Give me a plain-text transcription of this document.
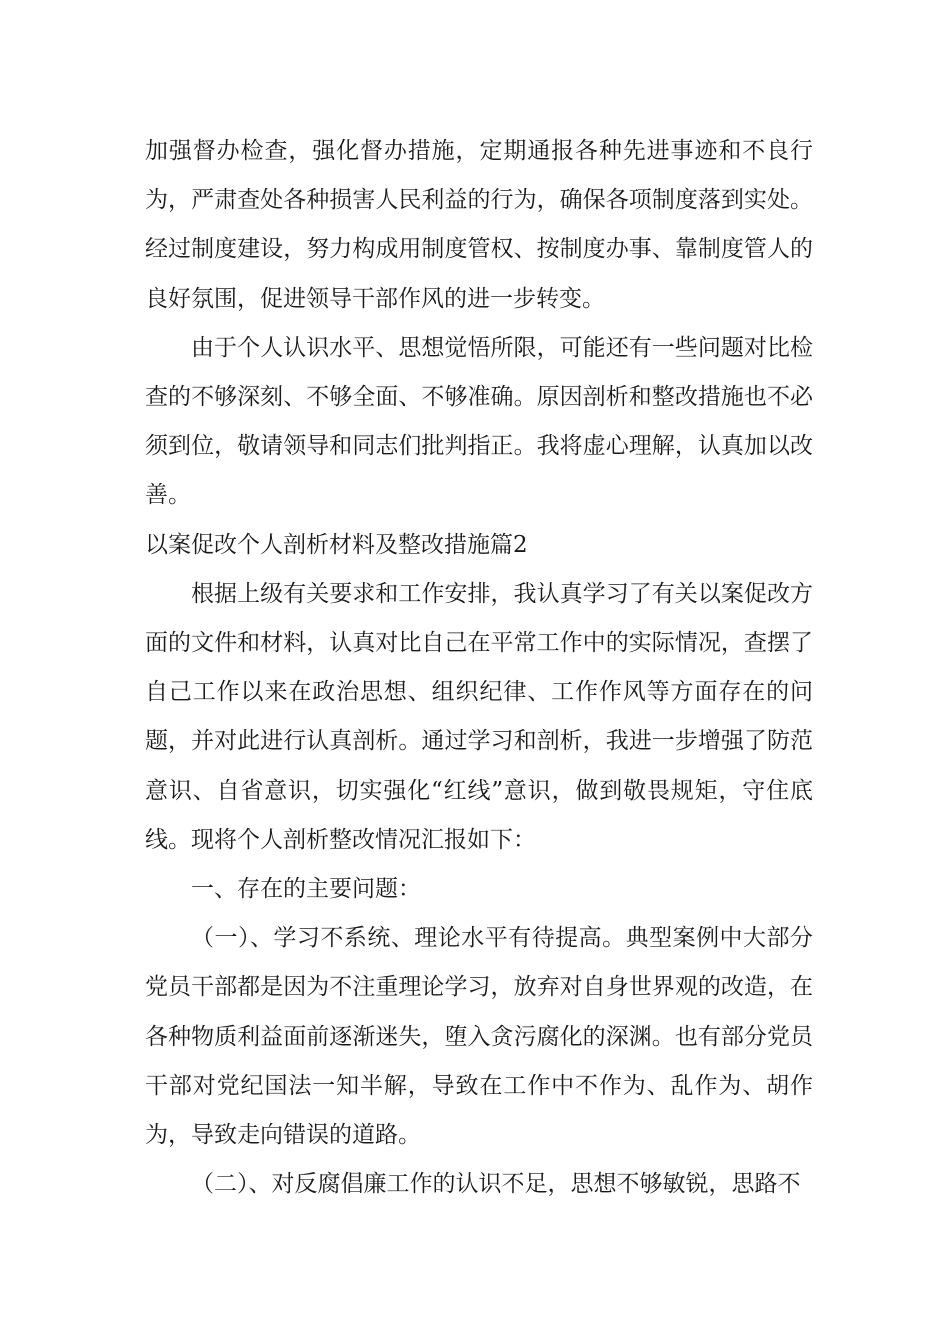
加强督办检查，强化督办措施，定期通报各种先进事迹和不良行为，严肃查处各种损害人民利益的行为，确保各项制度落到实处。经过制度建设，努力构成用制度管权、按制度办事、靠制度管人的良好氛围，促进领导干部作风的进一步转变。

由于个人认识水平、思想觉悟所限，可能还有一些问题对比检查的不够深刻、不够全面、不够准确。原因剖析和整改措施也不必须到位，敬请领导和同志们批判指正。我将虚心理解，认真加以改善。

以案促改个人剖析材料及整改措施篇2

根据上级有关要求和工作安排，我认真学习了有关以案促改方面的文件和材料，认真对比自己在平常工作中的实际情况，查摆了自己工作以来在政治思想、组织纪律、工作作风等方面存在的问题，并对此进行认真剖析。通过学习和剖析，我进一步增强了防范意识、自省意识，切实强化“红线”意识，做到敬畏规矩，守住底线。现将个人剖析整改情况汇报如下：

一、存在的主要问题：

（一）、学习不系统、理论水平有待提高。典型案例中大部分党员干部都是因为不注重理论学习，放弃对自身世界观的改造，在各种物质利益面前逐渐迷失，堕入贪污腐化的深渊。也有部分党员干部对党纪国法一知半解，导致在工作中不作为、乱作为、胡作为，导致走向错误的道路。

（二）、对反腐倡廉工作的认识不足，思想不够敏锐，思路不
